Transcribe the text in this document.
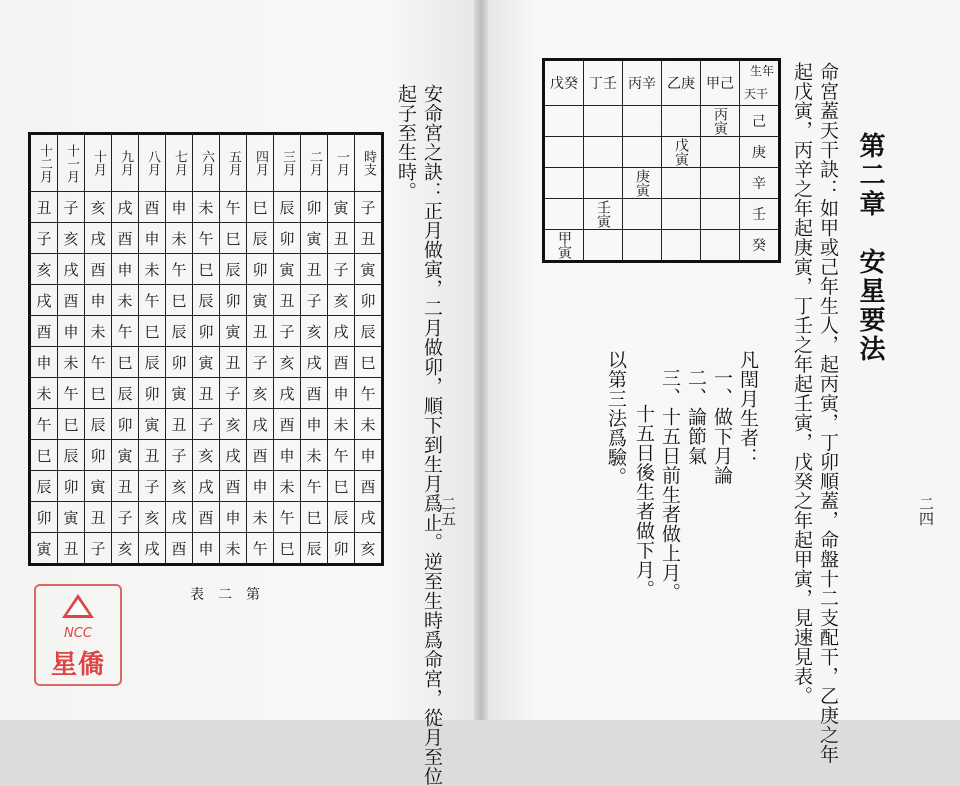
安命宮之訣：正月做寅，二月做卯，順下到生月爲止。逆至生時爲命宮，從月至位
起子至生時。
二五
十二月	十一月	十月	九月	八月	七月	六月	五月	四月	三月	二月	一月	時支
丑	子	亥	戌	酉	申	未	午	巳	辰	卯	寅	子
子	亥	戌	酉	申	未	午	巳	辰	卯	寅	丑	丑
亥	戌	酉	申	未	午	巳	辰	卯	寅	丑	子	寅
戌	酉	申	未	午	巳	辰	卯	寅	丑	子	亥	卯
酉	申	未	午	巳	辰	卯	寅	丑	子	亥	戌	辰
申	未	午	巳	辰	卯	寅	丑	子	亥	戌	酉	巳
未	午	巳	辰	卯	寅	丑	子	亥	戌	酉	申	午
午	巳	辰	卯	寅	丑	子	亥	戌	酉	申	未	未
巳	辰	卯	寅	丑	子	亥	戌	酉	申	未	午	申
辰	卯	寅	丑	子	亥	戌	酉	申	未	午	巳	酉
卯	寅	丑	子	亥	戌	酉	申	未	午	巳	辰	戌
寅	丑	子	亥	戌	酉	申	未	午	巳	辰	卯	亥
表二第
戊癸	丁壬	丙辛	乙庚	甲己	生年
天干

				丙寅	己
			戊寅		庚
		庚寅			辛
	壬寅				壬
甲寅					癸	第二章　安星要法
命宮蓋天干訣：如甲或己年生人，起丙寅，丁卯順蓋，命盤十二支配干，乙庚之年
起戊寅，丙辛之年起庚寅，丁壬之年起壬寅，戊癸之年起甲寅，見速見表。
凡閏月生者：
一、做下月論
二、論節氣
三、十五日前生者做上月。
十五日後生者做下月。
以第三法爲驗。
二四
NCC
星僑
